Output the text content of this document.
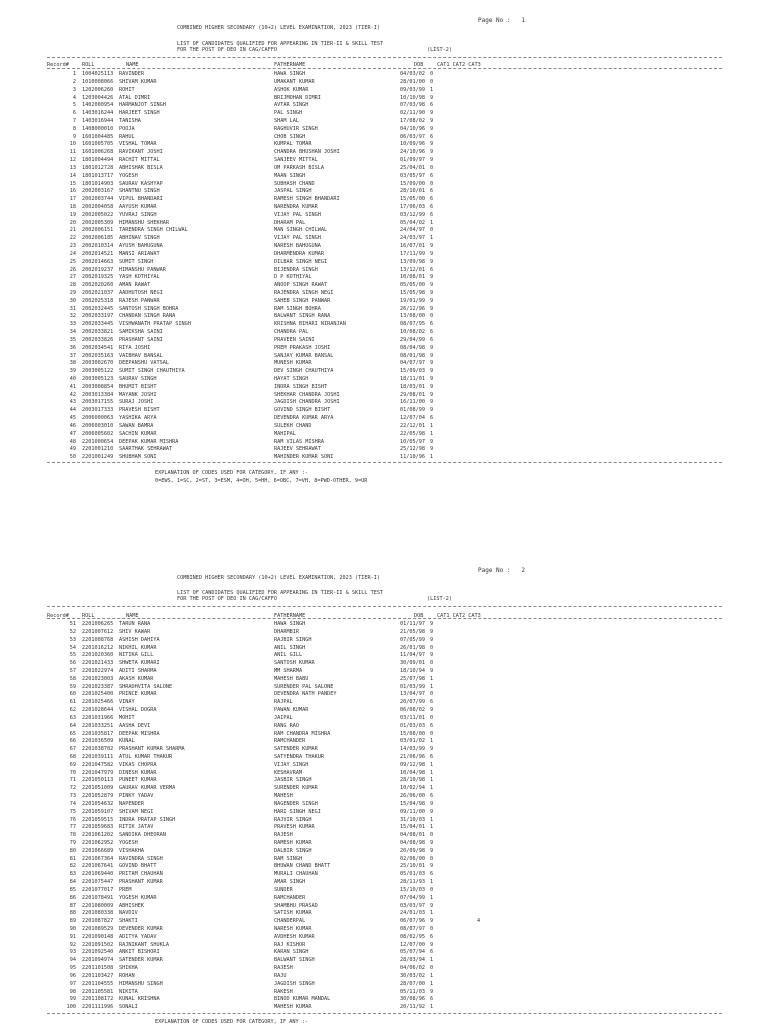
Page No :   1
COMBINED HIGHER SECONDARY (10+2) LEVEL EXAMINATION, 2023 (TIER-I)
LIST OF CANDIDATES QUALIFIED FOR APPEARING IN TIER-II & SKILL TEST
FOR THE POST OF DEO IN CAG/CAFFO	(LIST-2)
Record#	ROLL	NAME	FATHERNAME	DOB	CAT1 CAT2 CAT3
1 1004025113 RAVINDER	HAWA SINGH	04/03/02 0
2 1010008066 SHIVAM KUMAR	UMAKANT KUMAR	28/01/00 0
3 1202006260 ROHIT	ASHOK KUMAR	09/03/99 1
4 1203004426 ATAL DIMRI	BRIJMOHAN DIMRI	10/10/98 9
5 1402000954 HARMANJOT SINGH	AVTAR SINGH	07/03/98 6
6 1403016244 HARJEET SINGH	PAL SINGH	02/11/90 9
7 1403016944 TANISHA	SHAM LAL	17/08/02 9
8 1408000010 POOJA	RAGHUVIR SINGH	04/10/96 9
9 1601004485 RAHUL	CHOB SINGH	06/03/97 6
10 1601005705 VISHAL TOMAR	KUMPAL TOMAR	10/09/96 9
11 1601006268 RAVIKANT JOSHI	CHANDRA BHUSHAN JOSHI	24/10/96 9
12 1801004494 RACHIT MITTAL	SANJEEV MITTAL	01/09/97 9
13 1801012728 ABHISHAK BISLA	OM PARKASH BISLA	25/04/01 0
14 1801013717 YOGESH	MAAN SINGH	03/05/97 6
15 1801014903 SAURAV KASHYAP	SUBHASH CHAND	15/09/00 0
16 2002003167 SHANTNU SINGH	JASPAL SINGH	28/10/01 6
17 2002003744 VIPUL BHANDARI	RAMESH SINGH BHANDARI	15/05/00 6
18 2002004058 AAYUSH KUMAR	NARENDRA KUMAR	17/06/03 6
19 2002005022 YUVRAJ SINGH	VIJAY PAL SINGH	03/12/99 6
20 2002005309 HIMANSHU SHEKHAR	DHARAM PAL	05/04/02 1
21 2002006151 TARENDRA SINGH CHILWAL	MAN SINGH CHILWAL	24/04/97 0
22 2002006185 ABHINAV SINGH	VIJAY PAL SINGH	24/03/97 1
23 2002010314 AYUSH BAHUGUNA	NARESH BAHUGUNA	16/07/01 9
24 2002014521 MANSI ARIAWAT	DHARMENDRA KUMAR	17/11/99 9
25 2002014663 SUMIT SINGH	DILBAR SINGH NEGI	13/09/98 9
26 2002019237 HIMANSHU PANWAR	BIJENDRA SINGH	13/12/01 6
27 2002019325 YASH KOTHIYAL	D P KOTHIYAL	10/08/01 9
28 2002020260 AMAN RAWAT	ANOOP SINGH RAWAT	05/05/00 9
29 2002021037 AADHUTOSH NEGI	RAJENDRA SINGH NEGI	15/05/98 9
30 2002025318 RAJESH PANWAR	SAHEB SINGH PANWAR	19/01/99 9
31 2002032445 SANTOSH SINGH BOHRA	RAM SINGH BOHRA	26/12/96 9
32 2002033197 CHANDAN SINGH RANA	BALWANT SINGH RANA	13/08/00 0
33 2002033445 VISHWANATH PRATAP SINGH	KRISHNA BIHARI NIRANJAN	08/07/95 6
34 2002033821 SAMIKSHA SAINI	CHANDRA PAL	10/08/02 6
35 2002033826 PRASHANT SAINI	PRAVEEN SAINI	29/04/99 6
36 2002034541 RIYA JOSHI	PREM PRAKASH JOSHI	08/04/98 9
37 2002035163 VAIBHAV BANSAL	SANJAY KUMAR BANSAL	08/01/98 9
38 2003002670 DEEPANSHU VATSAL	MUNESH KUMAR	04/07/97 9
39 2003005122 SUMIT SINGH CHAUTHIYA	DEV SINGH CHAUTHIYA	15/09/03 9
40 2003005123 SAURAV SINGH	HAYAT SINGH	18/11/01 9
41 2003008854 BHUMIT BISHT	INDRA SINGH BISHT	18/03/01 9
42 2003013384 MAYANK JOSHI	SHEKHAR CHANDRA JOSHI	29/08/01 9
43 2003017155 SURAJ JOSHI	JAGDISH CHANDRA JOSHI	16/11/00 9
44 2003017333 PRAVESH BISHT	GOVIND SINGH BISHT	01/08/99 9
45 2006000063 YASHIKA ARYA	DEVENDRA KUMAR ARYA	12/07/04 6
46 2006003010 SAWAN BAMRA	SULEKH CHAND	22/12/01 1
47 2006005602 SACHIN KUMAR	MAHIPAL	22/05/98 1
48 2201000654 DEEPAK KUMAR MISHRA	RAM VILAS MISHRA	10/05/97 9
49 2201001210 SAARTHAK SEHRAWAT	RAJEEV SEHRAWAT	25/12/98 9
50 2201001249 SHUBHAM SONI	MAHINDER KUMAR SONI	11/10/96 1
EXPLANATION OF CODES USED FOR CATEGORY, IF ANY :-
0=EWS, 1=SC, 2=ST, 3=ESM, 4=OH, 5=HH, 6=OBC, 7=VH, 8=PWD-OTHER, 9=UR
Page No :   2
COMBINED HIGHER SECONDARY (10+2) LEVEL EXAMINATION, 2023 (TIER-I)
LIST OF CANDIDATES QUALIFIED FOR APPEARING IN TIER-II & SKILL TEST
FOR THE POST OF DEO IN CAG/CAFFO	(LIST-2)
Record#	ROLL	NAME	FATHERNAME	DOB	CAT1 CAT2 CAT3
51 2201006265 TARUN RANA	HAWA SINGH	01/11/97 9
52 2201007612 SHIV KAWAR	DHARMBIR	21/05/98 9
53 2201008768 ASHISH DAHIYA	RAJBIR SINGH	07/05/99 9
54 2201016212 NIKHIL KUMAR	ANIL SINGH	26/01/98 0
55 2201020360 NITIKA GILL	ANIL GILL	11/04/97 9
56 2201021433 SHWETA KUMARI	SANTOSH KUMAR	30/09/01 0
57 2201022974 ADITI SHARMA	MM SHARMA	18/10/94 9
58 2201023003 AKASH KUMAR	MAHESH BABU	25/07/98 1
59 2201023387 SHRADHVITA SALONE	SURENDER PAL SALONE	01/03/99 1
60 2201025400 PRINCE KUMAR	DEVENDRA NATH PANDEY	13/04/97 0
61 2201025466 VINAY	RAJPAL	20/07/99 6
62 2201028644 VISHAL DOGRA	PAWAN KUMAR	06/08/02 9
63 2201031966 MOHIT	JAIPAL	03/11/01 0
64 2201033251 AASHA DEVI	RANG RAO	01/03/03 6
65 2201035817 DEEPAK MISHRA	RAM CHANDRA MISHRA	15/08/00 0
66 2201036509 KUNAL	RAMCHANDER	03/01/02 1
67 2201038702 PRASHANT KUMAR SHARMA	SATENDER KUMAR	14/03/99 9
68 2201039111 ATUL KUMAR THAKUR	SATYENDRA THAKUR	21/06/96 6
69 2201047582 VIKAS CHOPRA	VIJAY SINGH	09/12/98 1
70 2201047979 DINESH KUMAR	KESHAVRAM	10/04/98 1
71 2201050113 PUNEET KUMAR	JASBIR SINGH	28/10/98 1
72 2201051009 GAURAV KUMAR VERMA	SURENDER KUMAR	10/02/94 1
73 2201052879 PINKY YADAV	MAHESH	26/06/00 6
74 2201054632 NAPENDER	NAGENDER SINGH	15/04/98 9
75 2201059107 SHIVAM NEGI	HARI SINGH NEGI	09/11/00 9
76 2201059515 INDRA PRATAP SINGH	RAJVIR SINGH	31/10/03 1
77 2201059683 RITIK JATAV	PRAVESH KUMAR	15/04/01 1
78 2201061202 SANDIKA DHEORAN	RAJESH	04/08/01 0
79 2201062952 YOGESH	RAMESH KUMAR	04/08/98 9
80 2201066689 VISHAKHA	DALBIR SINGH	20/09/98 9
81 2201067364 RAVINDRA SINGH	RAM SINGH	02/06/00 0
82 2201067641 GOVIND BHATT	BHUWAN CHAND BHATT	25/10/01 9
83 2201069440 PRITAM CHAUHAN	MURALI CHAUHAN	05/01/03 6
84 2201075447 PRASHANT KUMAR	AMAR SINGH	28/11/93 1
85 2201077017 PREM	SUNDER	15/10/03 0
86 2201078491 YOGESH KUMAR	RAMCHANDER	07/04/99 1
87 2201080009 ABHISHEK	SHAMBHU PRASAD	03/03/97 9
88 2201080338 NAVDIV	SATISH KUMAR	24/01/03 1
89 2201087827 SHAKTI	CHANDERPAL	06/07/96 9	4
90 2201089529 DEVENDER KUMAR	NARESH KUMAR	08/07/97 0
91 2201090148 ADITYA YADAV	AVDHESH KUMAR	08/02/95 6
92 2201091502 RAJNIKANT SHUKLA	RAJ KISHOR	12/07/00 9
93 2201092540 ANKIT BISHORI	KARAN SINGH	05/07/94 6
94 2201094974 SATENDER KUMAR	BALWANT SINGH	28/03/94 1
95 2201101508 SHIKHA	RAJESH	04/06/02 0
96 2201103427 ROHAN	RAJU	30/03/02 1
97 2201104555 HIMANSHU SINGH	JAGDISH SINGH	28/07/00 1
98 2201105581 NIKITA	RAKESH	05/11/03 9
99 2201108172 KUNAL KRISHNA	BINOD KUMAR MANDAL	30/08/96 6
100 2201111996 SONALI	MAHESH KUMAR	20/11/92 1
EXPLANATION OF CODES USED FOR CATEGORY, IF ANY :-
